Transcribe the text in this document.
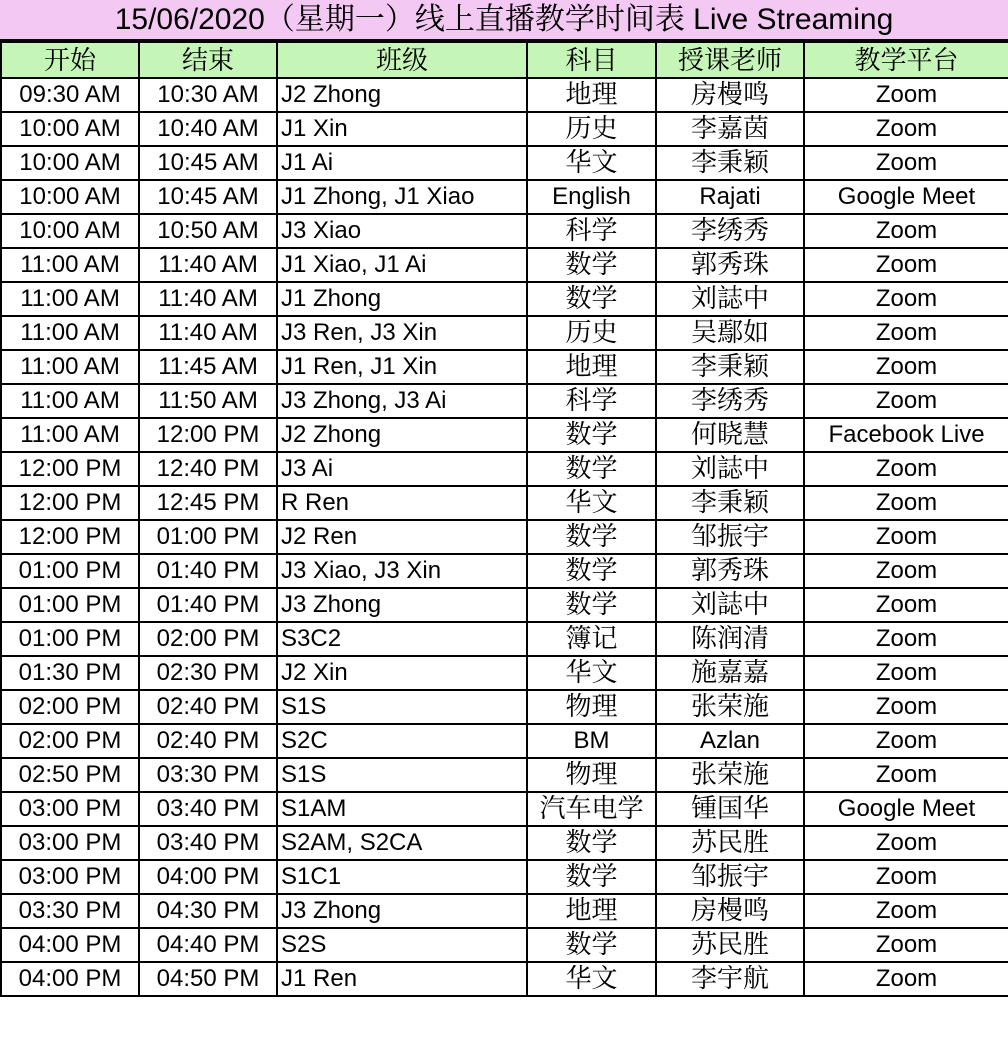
15/06/2020（星期一）线上直播教学时间表 Live Streaming
开始	结束	班级	科目	授课老师	教学平台
09:30 AM	10:30 AM	J2 Zhong	地理	房槾鸣	Zoom
10:00 AM	10:40 AM	J1 Xin	历史	李嘉茵	Zoom
10:00 AM	10:45 AM	J1 Ai	华文	李秉颖	Zoom
10:00 AM	10:45 AM	J1 Zhong, J1 Xiao	English	Rajati	Google Meet
10:00 AM	10:50 AM	J3 Xiao	科学	李绣秀	Zoom
11:00 AM	11:40 AM	J1 Xiao, J1 Ai	数学	郭秀珠	Zoom
11:00 AM	11:40 AM	J1 Zhong	数学	刘誌中	Zoom
11:00 AM	11:40 AM	J3 Ren, J3 Xin	历史	吴鄢如	Zoom
11:00 AM	11:45 AM	J1 Ren, J1 Xin	地理	李秉颖	Zoom
11:00 AM	11:50 AM	J3 Zhong, J3 Ai	科学	李绣秀	Zoom
11:00 AM	12:00 PM	J2 Zhong	数学	何晓慧	Facebook Live
12:00 PM	12:40 PM	J3 Ai	数学	刘誌中	Zoom
12:00 PM	12:45 PM	R Ren	华文	李秉颖	Zoom
12:00 PM	01:00 PM	J2 Ren	数学	邹振宇	Zoom
01:00 PM	01:40 PM	J3 Xiao, J3 Xin	数学	郭秀珠	Zoom
01:00 PM	01:40 PM	J3 Zhong	数学	刘誌中	Zoom
01:00 PM	02:00 PM	S3C2	簿记	陈润清	Zoom
01:30 PM	02:30 PM	J2 Xin	华文	施嘉嘉	Zoom
02:00 PM	02:40 PM	S1S	物理	张荣施	Zoom
02:00 PM	02:40 PM	S2C	BM	Azlan	Zoom
02:50 PM	03:30 PM	S1S	物理	张荣施	Zoom
03:00 PM	03:40 PM	S1AM	汽车电学	锺国华	Google Meet
03:00 PM	03:40 PM	S2AM, S2CA	数学	苏民胜	Zoom
03:00 PM	04:00 PM	S1C1	数学	邹振宇	Zoom
03:30 PM	04:30 PM	J3 Zhong	地理	房槾鸣	Zoom
04:00 PM	04:40 PM	S2S	数学	苏民胜	Zoom
04:00 PM	04:50 PM	J1 Ren	华文	李宇航	Zoom
